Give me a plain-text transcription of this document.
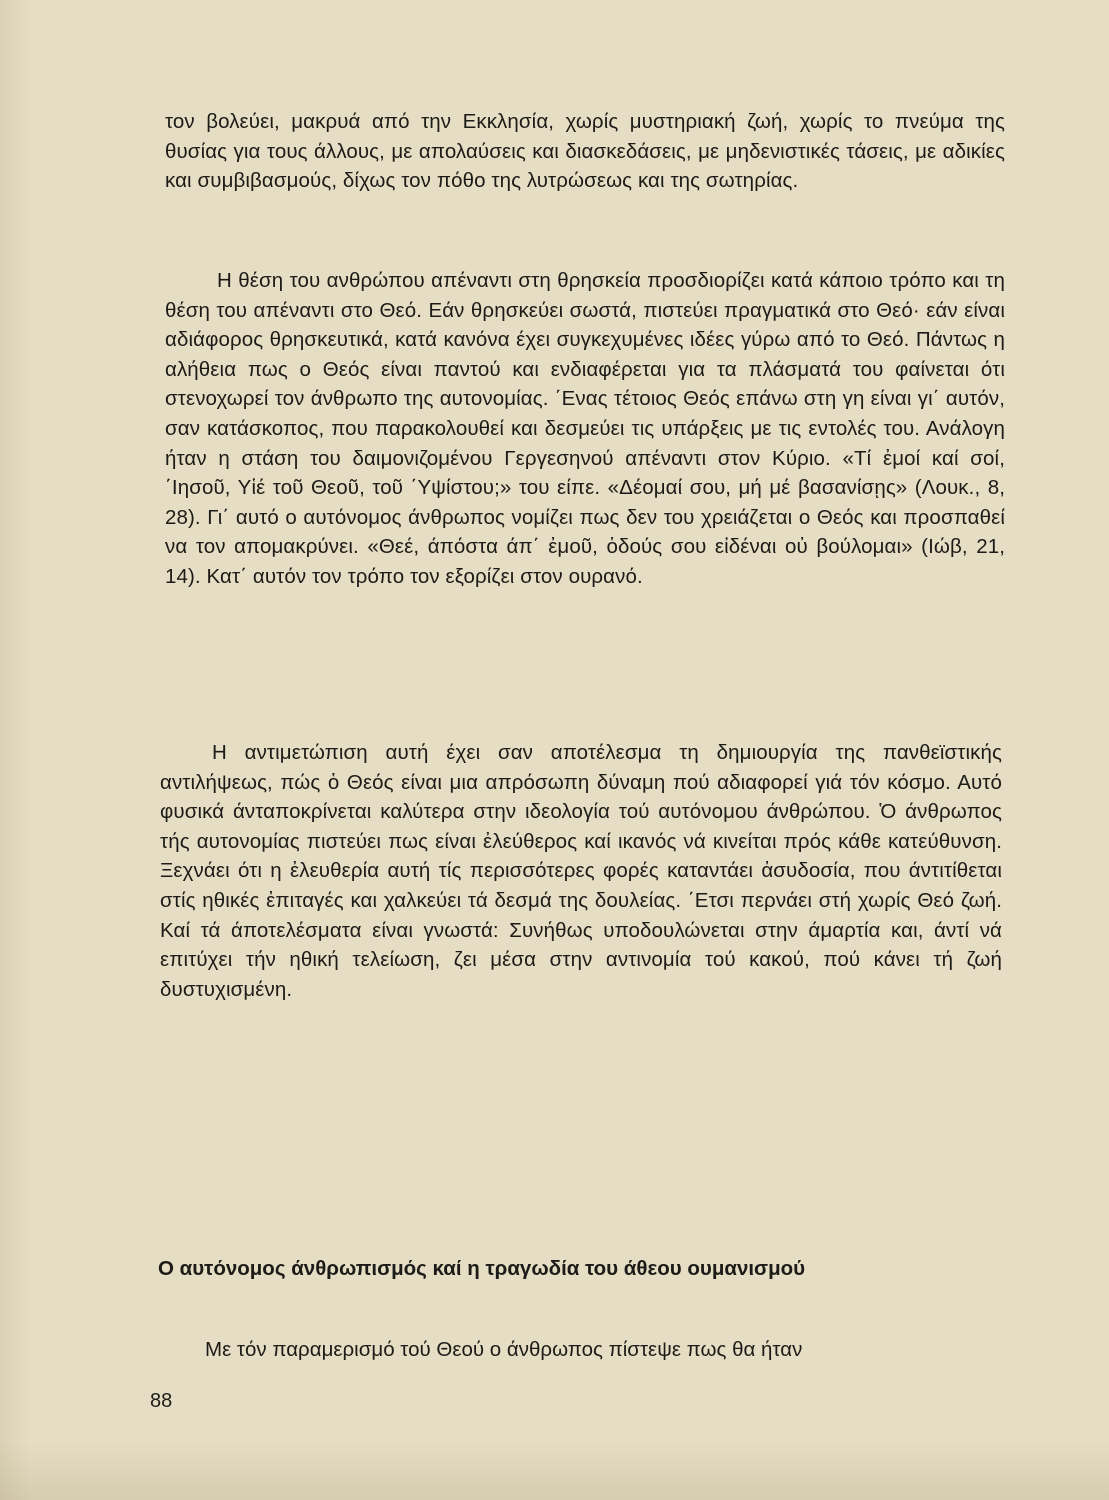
τον βολεύει, μακρυά από την Εκκλησία, χωρίς μυστηριακή ζωή, χωρίς το πνεύμα της θυσίας για τους άλλους, με απολαύσεις και διασκεδάσεις, με μηδενιστικές τάσεις, με αδικίες και συμβιβασμούς, δίχως τον πόθο της λυτρώσεως και της σωτηρίας.

Η θέση του ανθρώπου απέναντι στη θρησκεία προσδιορίζει κατά κάποιο τρόπο και τη θέση του απέναντι στο Θεό. Εάν θρησκεύει σωστά, πιστεύει πραγματικά στο Θεό· εάν είναι αδιάφορος θρησκευτικά, κατά κανόνα έχει συγκεχυμένες ιδέες γύρω από το Θεό. Πάντως η αλήθεια πως ο Θεός είναι παντού και ενδιαφέρεται για τα πλάσματά του φαίνεται ότι στενοχωρεί τον άνθρωπο της αυτονομίας. ΄Ενας τέτοιος Θεός επάνω στη γη είναι γι΄ αυτόν, σαν κατάσκοπος, που παρακολουθεί και δεσμεύει τις υπάρξεις με τις εντολές του. Ανάλογη ήταν η στάση του δαιμονιζομένου Γεργεσηνού απέναντι στον Κύριο. «Τί ἐμοί καί σοί, ΄Ιησοῦ, Υἱέ τοῦ Θεοῦ, τοῦ ΄Υψίστου;» του είπε. «Δέομαί σου, μή μέ βασανίσῃς» (Λουκ., 8, 28). Γι΄ αυτό ο αυτόνομος άνθρωπος νομίζει πως δεν του χρειάζεται ο Θεός και προσπαθεί να τον απομακρύνει. «Θεέ, άπόστα άπ΄ ἐμοῦ, ὁδούς σου εἰδέναι οὐ βούλομαι» (Ιώβ, 21, 14). Κατ΄ αυτόν τον τρόπο τον εξορίζει στον ουρανό.

Η αντιμετώπιση αυτή έχει σαν αποτέλεσμα τη δημιουργία της πανθεϊστικής αντιλήψεως, πώς ὁ Θεός είναι μια απρόσωπη δύναμη πού αδιαφορεί γιά τόν κόσμο. Αυτό φυσικά άνταποκρίνεται καλύτερα στην ιδεολογία τού αυτόνομου άνθρώπου. Ὁ άνθρωπος τής αυτονομίας πιστεύει πως είναι ἐλεύθερος καί ικανός νά κινείται πρός κάθε κατεύθυνση. Ξεχνάει ότι η ἐλευθερία αυτή τίς περισσότερες φορές καταντάει ἀσυδοσία, που άντιτίθεται στίς ηθικές ἐπιταγές και χαλκεύει τά δεσμά της δουλείας. ΄Ετσι περνάει στή χωρίς Θεό ζωή. Καί τά άποτελέσματα είναι γνωστά: Συνήθως υποδουλώνεται στην άμαρτία και, άντί νά επιτύχει τήν ηθική τελείωση, ζει μέσα στην αντινομία τού κακού, πού κάνει τή ζωή δυστυχισμένη.

Ο αυτόνομος άνθρωπισμός καί η τραγωδία του άθεου ουμανισμού

Με τόν παραμερισμό τού Θεού ο άνθρωπος πίστεψε πως θα ήταν

88
